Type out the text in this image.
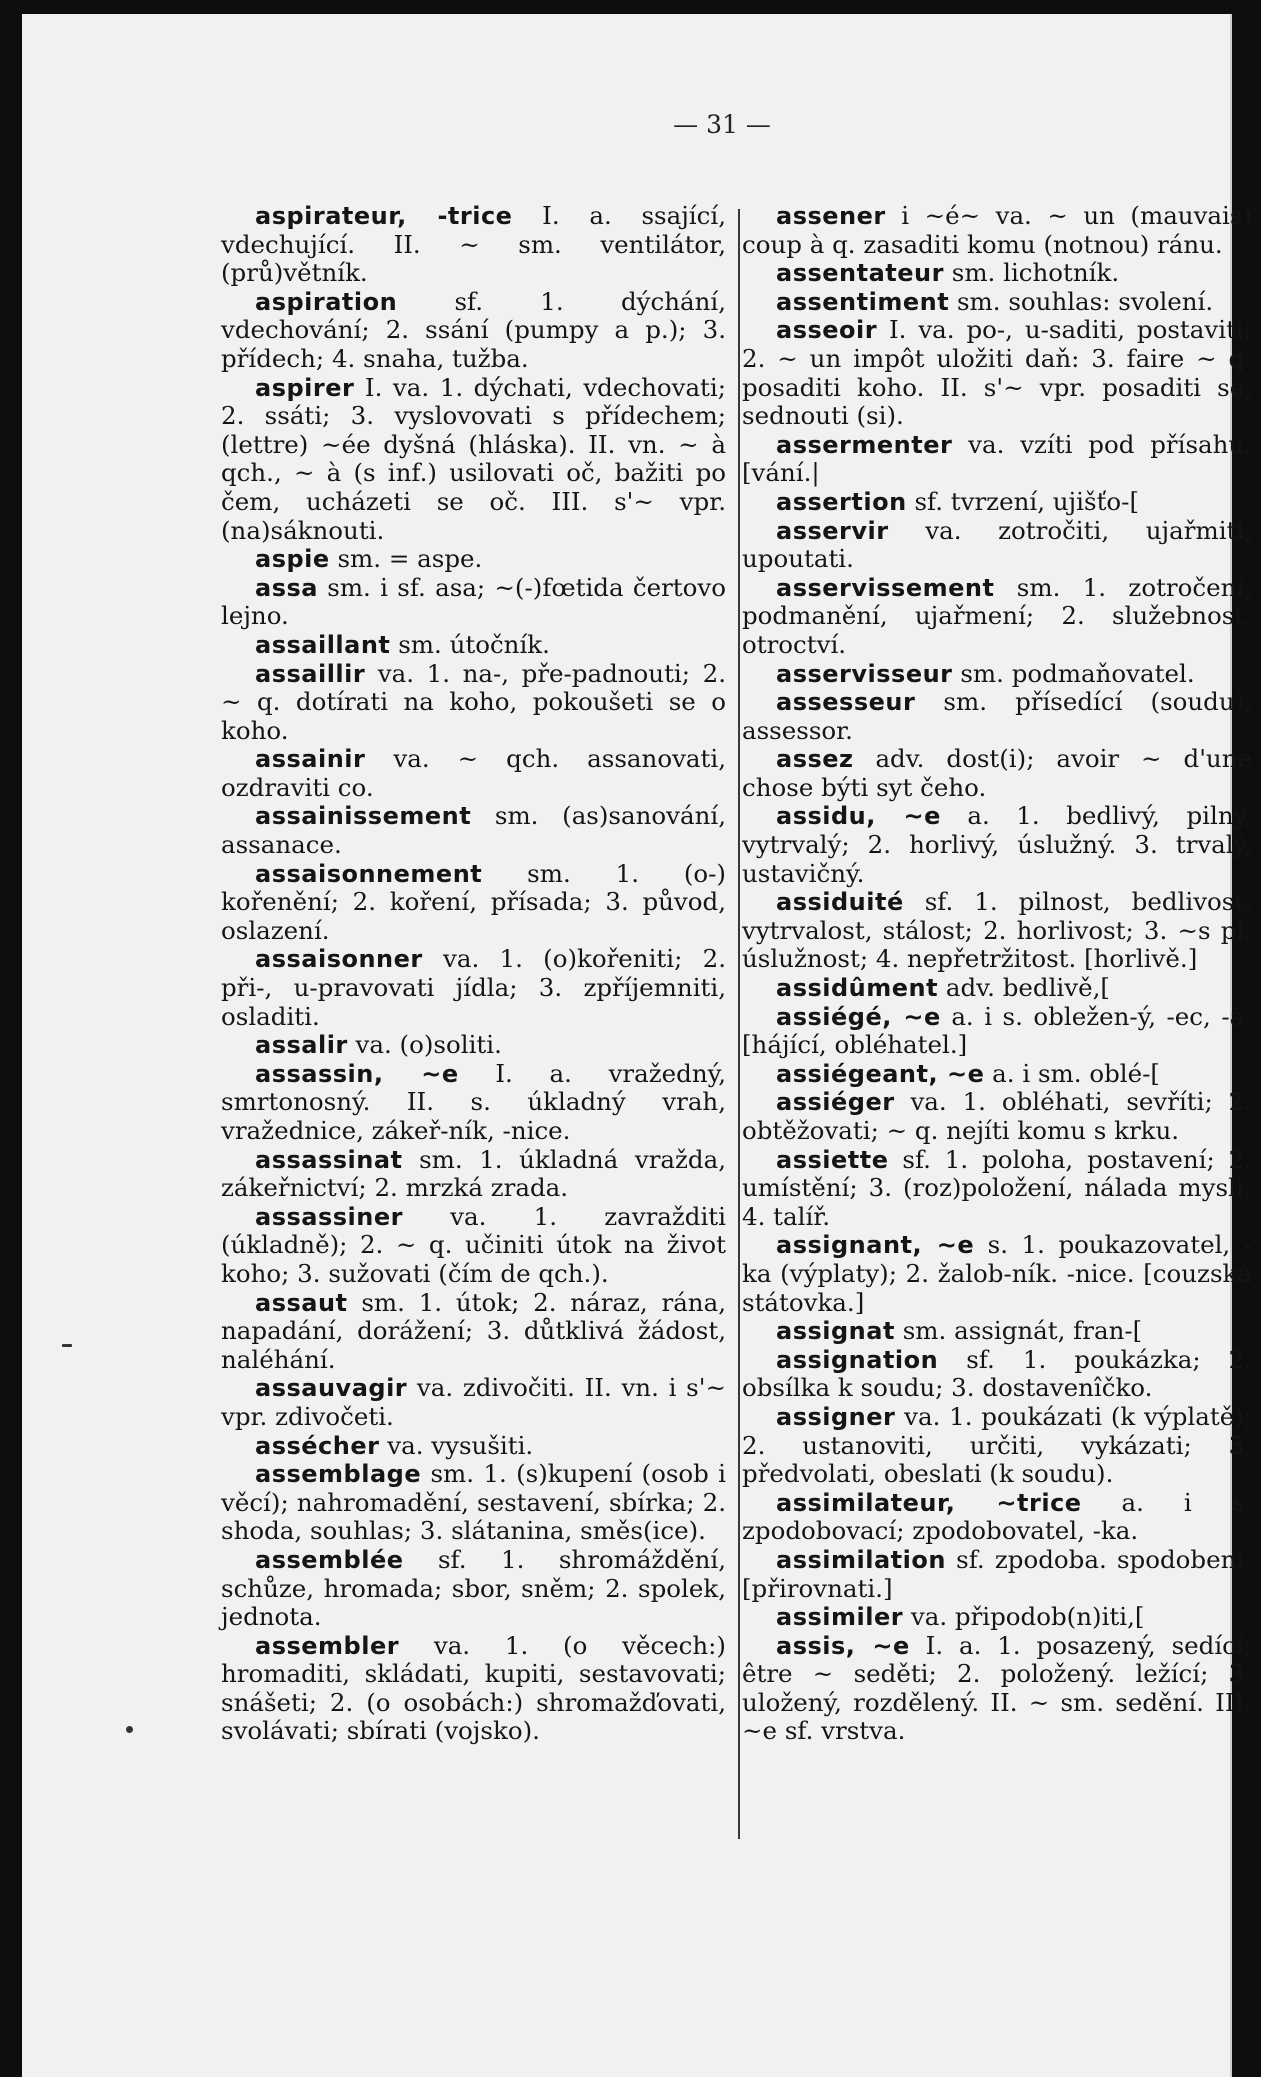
— 31 —

aspirateur, -trice I. a. ssající, vdechující. II. ~ sm. ventilátor, (prů)větník.

aspiration sf. 1. dýchání, vdechování; 2. ssání (pumpy a p.); 3. přídech; 4. snaha, tužba.

aspirer I. va. 1. dýchati, vdechovati; 2. ssáti; 3. vyslovovati s přídechem; (lettre) ~ée dyšná (hláska). II. vn. ~ à qch., ~ à (s inf.) usilovati oč, bažiti po čem, ucházeti se oč. III. s'~ vpr. (na)sáknouti.

aspie sm. = aspe.

assa sm. i sf. asa; ~(-)fœtida čertovo lejno.

assaillant sm. útočník.

assaillir va. 1. na-, pře-padnouti; 2. ~ q. dotírati na koho, pokoušeti se o koho.

assainir va. ~ qch. assanovati, ozdraviti co.

assainissement sm. (as)sanování, assanace.

assaisonnement sm. 1. (o-) kořenění; 2. koření, přísada; 3. původ, oslazení.

assaisonner va. 1. (o)kořeniti; 2. při-, u-pravovati jídla; 3. zpříjemniti, osladiti.

assalir va. (o)soliti.

assassin, ~e I. a. vražedný, smrtonosný. II. s. úkladný vrah, vražednice, zákeř-ník, -nice.

assassinat sm. 1. úkladná vražda, zákeřnictví; 2. mrzká zrada.

assassiner va. 1. zavražditi (úkladně); 2. ~ q. učiniti útok na život koho; 3. sužovati (čím de qch.).

assaut sm. 1. útok; 2. náraz, rána, napadání, dorážení; 3. důtklivá žádost, naléhání.

assauvagir va. zdivočiti. II. vn. i s'~ vpr. zdivočeti.

assécher va. vysušiti.

assemblage sm. 1. (s)kupení (osob i věcí); nahromadění, sestavení, sbírka; 2. shoda, souhlas; 3. slátanina, směs(ice).

assemblée sf. 1. shromáždění, schůze, hromada; sbor, sněm; 2. spolek, jednota.

assembler va. 1. (o věcech:) hromaditi, skládati, kupiti, sestavovati; snášeti; 2. (o osobách:) shromažďovati, svolávati; sbírati (vojsko).

assener i ~é~ va. ~ un (mauvais) coup à q. zasaditi komu (notnou) ránu.

assentateur sm. lichotník.

assentiment sm. souhlas: svolení.

asseoir I. va. po-, u-saditi, postaviti; 2. ~ un impôt uložiti daň: 3. faire ~ q. posaditi koho. II. s'~ vpr. posaditi se, sednouti (si).

assermenter va. vzíti pod přísahu. [vání.|

assertion sf. tvrzení, ujišťo-[

asservir va. zotročiti, ujařmiti, upoutati.

asservissement sm. 1. zotročení, podmanění, ujařmení; 2. služebnost, otroctví.

asservisseur sm. podmaňovatel.

assesseur sm. přísedící (soudu), assessor.

assez adv. dost(i); avoir ~ d'une chose býti syt čeho.

assidu, ~e a. 1. bedlivý, pilný, vytrvalý; 2. horlivý, úslužný. 3. trvalý, ustavičný.

assiduité sf. 1. pilnost, bedlivost, vytrvalost, stálost; 2. horlivost; 3. ~s pl. úslužnost; 4. nepřetržitost. [horlivě.]

assidûment adv. bedlivě,[

assiégé, ~e a. i s. obležen-ý, -ec, -á. [hájící, obléhatel.]

assiégeant, ~e a. i sm. oblé-[

assiéger va. 1. obléhati, sevříti; 2. obtěžovati; ~ q. nejíti komu s krku.

assiette sf. 1. poloha, postavení; 2. umístění; 3. (roz)položení, nálada mysli; 4. talíř.

assignant, ~e s. 1. poukazovatel, -ka (výplaty); 2. žalob-ník. -nice. [couzská státovka.]

assignat sm. assignát, fran-[

assignation sf. 1. poukázka; 2. obsílka k soudu; 3. dostavenîčko.

assigner va. 1. poukázati (k výplatě); 2. ustanoviti, určiti, vykázati; 3. předvolati, obeslati (k soudu).

assimilateur, ~trice a. i s. zpodobovací; zpodobovatel, -ka.

assimilation sf. zpodoba. spodobení. [přirovnati.]

assimiler va. připodob(n)iti,[

assis, ~e I. a. 1. posazený, sedící; être ~ seděti; 2. položený. ležící; 3. uložený, rozdělený. II. ~ sm. sedění. III. ~e sf. vrstva.
